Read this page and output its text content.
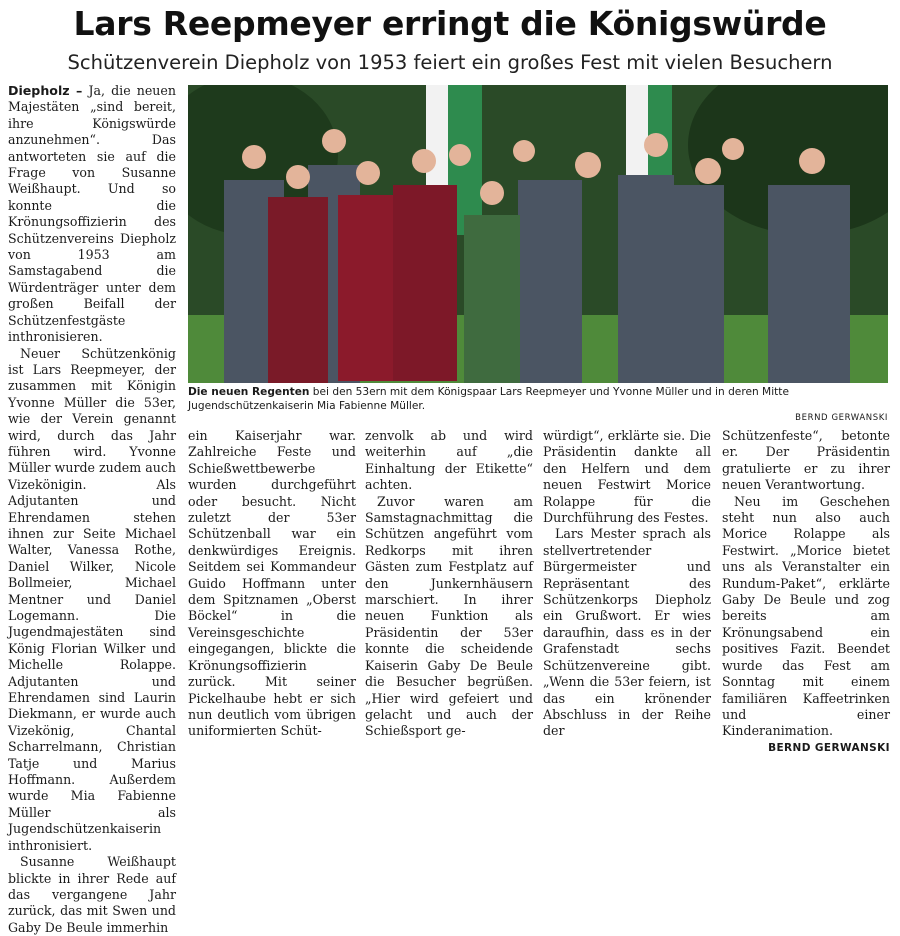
Lars Reepmeyer erringt die Königswürde
Schützenverein Diepholz von 1953 feiert ein großes Fest mit vielen Besuchern

Diepholz – Ja, die neuen Majestäten „sind bereit, ihre Königswürde anzunehmen“. Das antworteten sie auf die Frage von Susanne Weißhaupt. Und so konnte die Krönungsoffizierin des Schützenvereins Diepholz von 1953 am Samstagabend die Würdenträger unter dem großen Beifall der Schützenfestgäste inthronisieren.

Neuer Schützenkönig ist Lars Reepmeyer, der zusammen mit Königin Yvonne Müller die 53er, wie der Verein genannt wird, durch das Jahr führen wird. Yvonne Müller wurde zudem auch Vizekönigin. Als Adjutanten und Ehrendamen stehen ihnen zur Seite Michael Walter, Vanessa Rothe, Daniel Wilker, Nicole Bollmeier, Michael Mentner und Daniel Logemann. Die Jugendmajestäten sind König Florian Wilker und Michelle Rolappe. Adjutanten und Ehrendamen sind Laurin Diekmann, er wurde auch Vizekönig, Chantal Scharrelmann, Christian Tatje und Marius Hoffmann. Außerdem wurde Mia Fabienne Müller als Jugendschützenkaiserin inthronisiert.

Susanne Weißhaupt blickte in ihrer Rede auf das vergangene Jahr zurück, das mit Swen und Gaby De Beule immerhin

Die neuen Regenten bei den 53ern mit dem Königspaar Lars Reepmeyer und Yvonne Müller und in deren Mitte Jugendschützenkaiserin Mia Fabienne Müller.
BERND GERWANSKI

ein Kaiserjahr war. Zahlreiche Feste und Schießwettbewerbe wurden durchgeführt oder besucht. Nicht zuletzt der 53er Schützenball war ein denkwürdiges Ereignis. Seitdem sei Kommandeur Guido Hoffmann unter dem Spitznamen „Oberst Böckel“ in die Vereinsgeschichte eingegangen, blickte die Krönungsoffizierin zurück. Mit seiner Pickelhaube hebt er sich nun deutlich vom übrigen uniformierten Schüt-

zenvolk ab und wird weiterhin auf „die Einhaltung der Etikette“ achten.

Zuvor waren am Samstagnachmittag die Schützen angeführt vom Redkorps mit ihren Gästen zum Festplatz auf den Junkernhäusern marschiert. In ihrer neuen Funktion als Präsidentin der 53er konnte die scheidende Kaiserin Gaby De Beule die Besucher begrüßen. „Hier wird gefeiert und gelacht und auch der Schießsport ge-

würdigt“, erklärte sie. Die Präsidentin dankte all den Helfern und dem neuen Festwirt Morice Rolappe für die Durchführung des Festes.

Lars Mester sprach als stellvertretender Bürgermeister und Repräsentant des Schützenkorps Diepholz ein Grußwort. Er wies daraufhin, dass es in der Grafenstadt sechs Schützenvereine gibt. „Wenn die 53er feiern, ist das ein krönender Abschluss in der Reihe der

Schützenfeste“, betonte er. Der Präsidentin gratulierte er zu ihrer neuen Verantwortung.

Neu im Geschehen steht nun also auch Morice Rolappe als Festwirt. „Morice bietet uns als Veranstalter ein Rundum-Paket“, erklärte Gaby De Beule und zog bereits am Krönungsabend ein positives Fazit. Beendet wurde das Fest am Sonntag mit einem familiären Kaffeetrinken und einer Kinderanimation.

BERND GERWANSKI
